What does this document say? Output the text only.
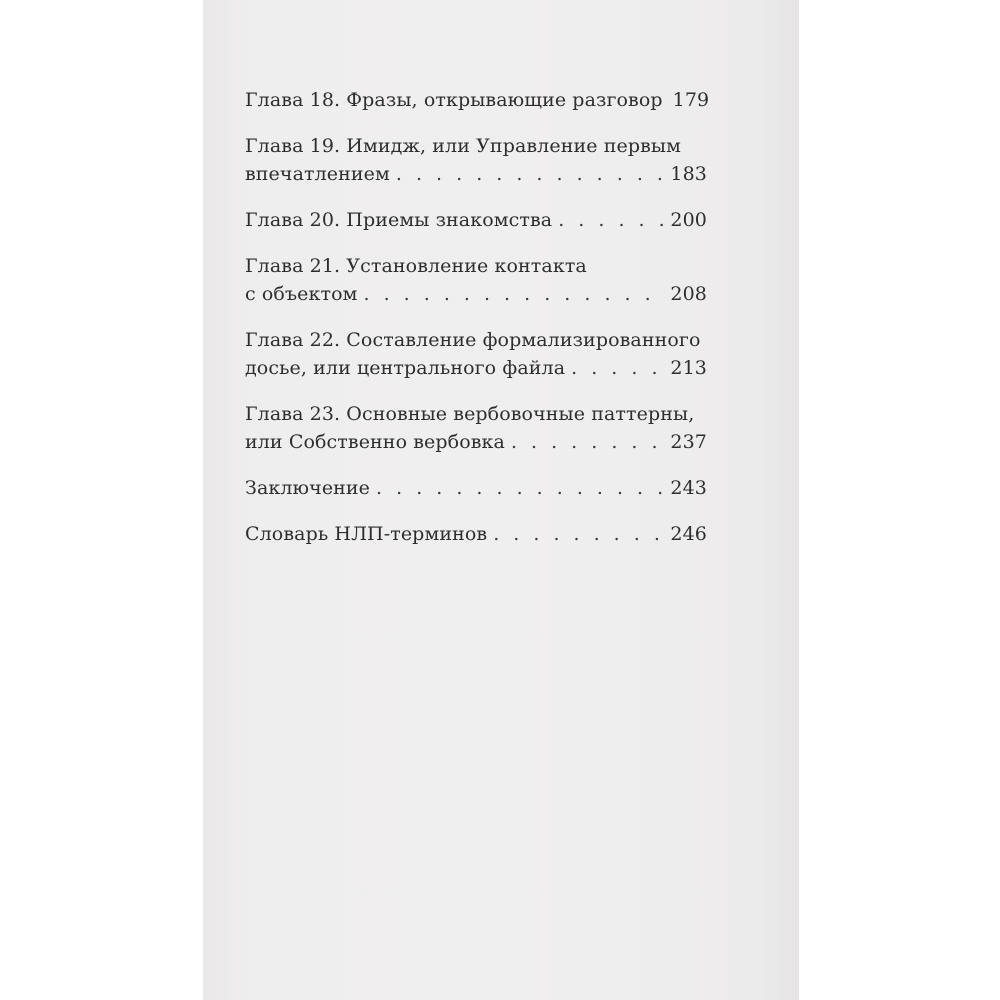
Глава 18. Фразы, открывающие разговор 179
Глава 19. Имидж, или Управление первым
впечатлением . . .	183
Глава 20. Приемы знакомства . . .	200
Глава 21. Установление контакта
с объектом . . .	208
Глава 22. Составление формализированного
досье, или центрального файла . . .	213
Глава 23. Основные вербовочные паттерны,
или Собственно вербовка . . .	237
Заключение . . .	243
Словарь НЛП-терминов . . .	246
